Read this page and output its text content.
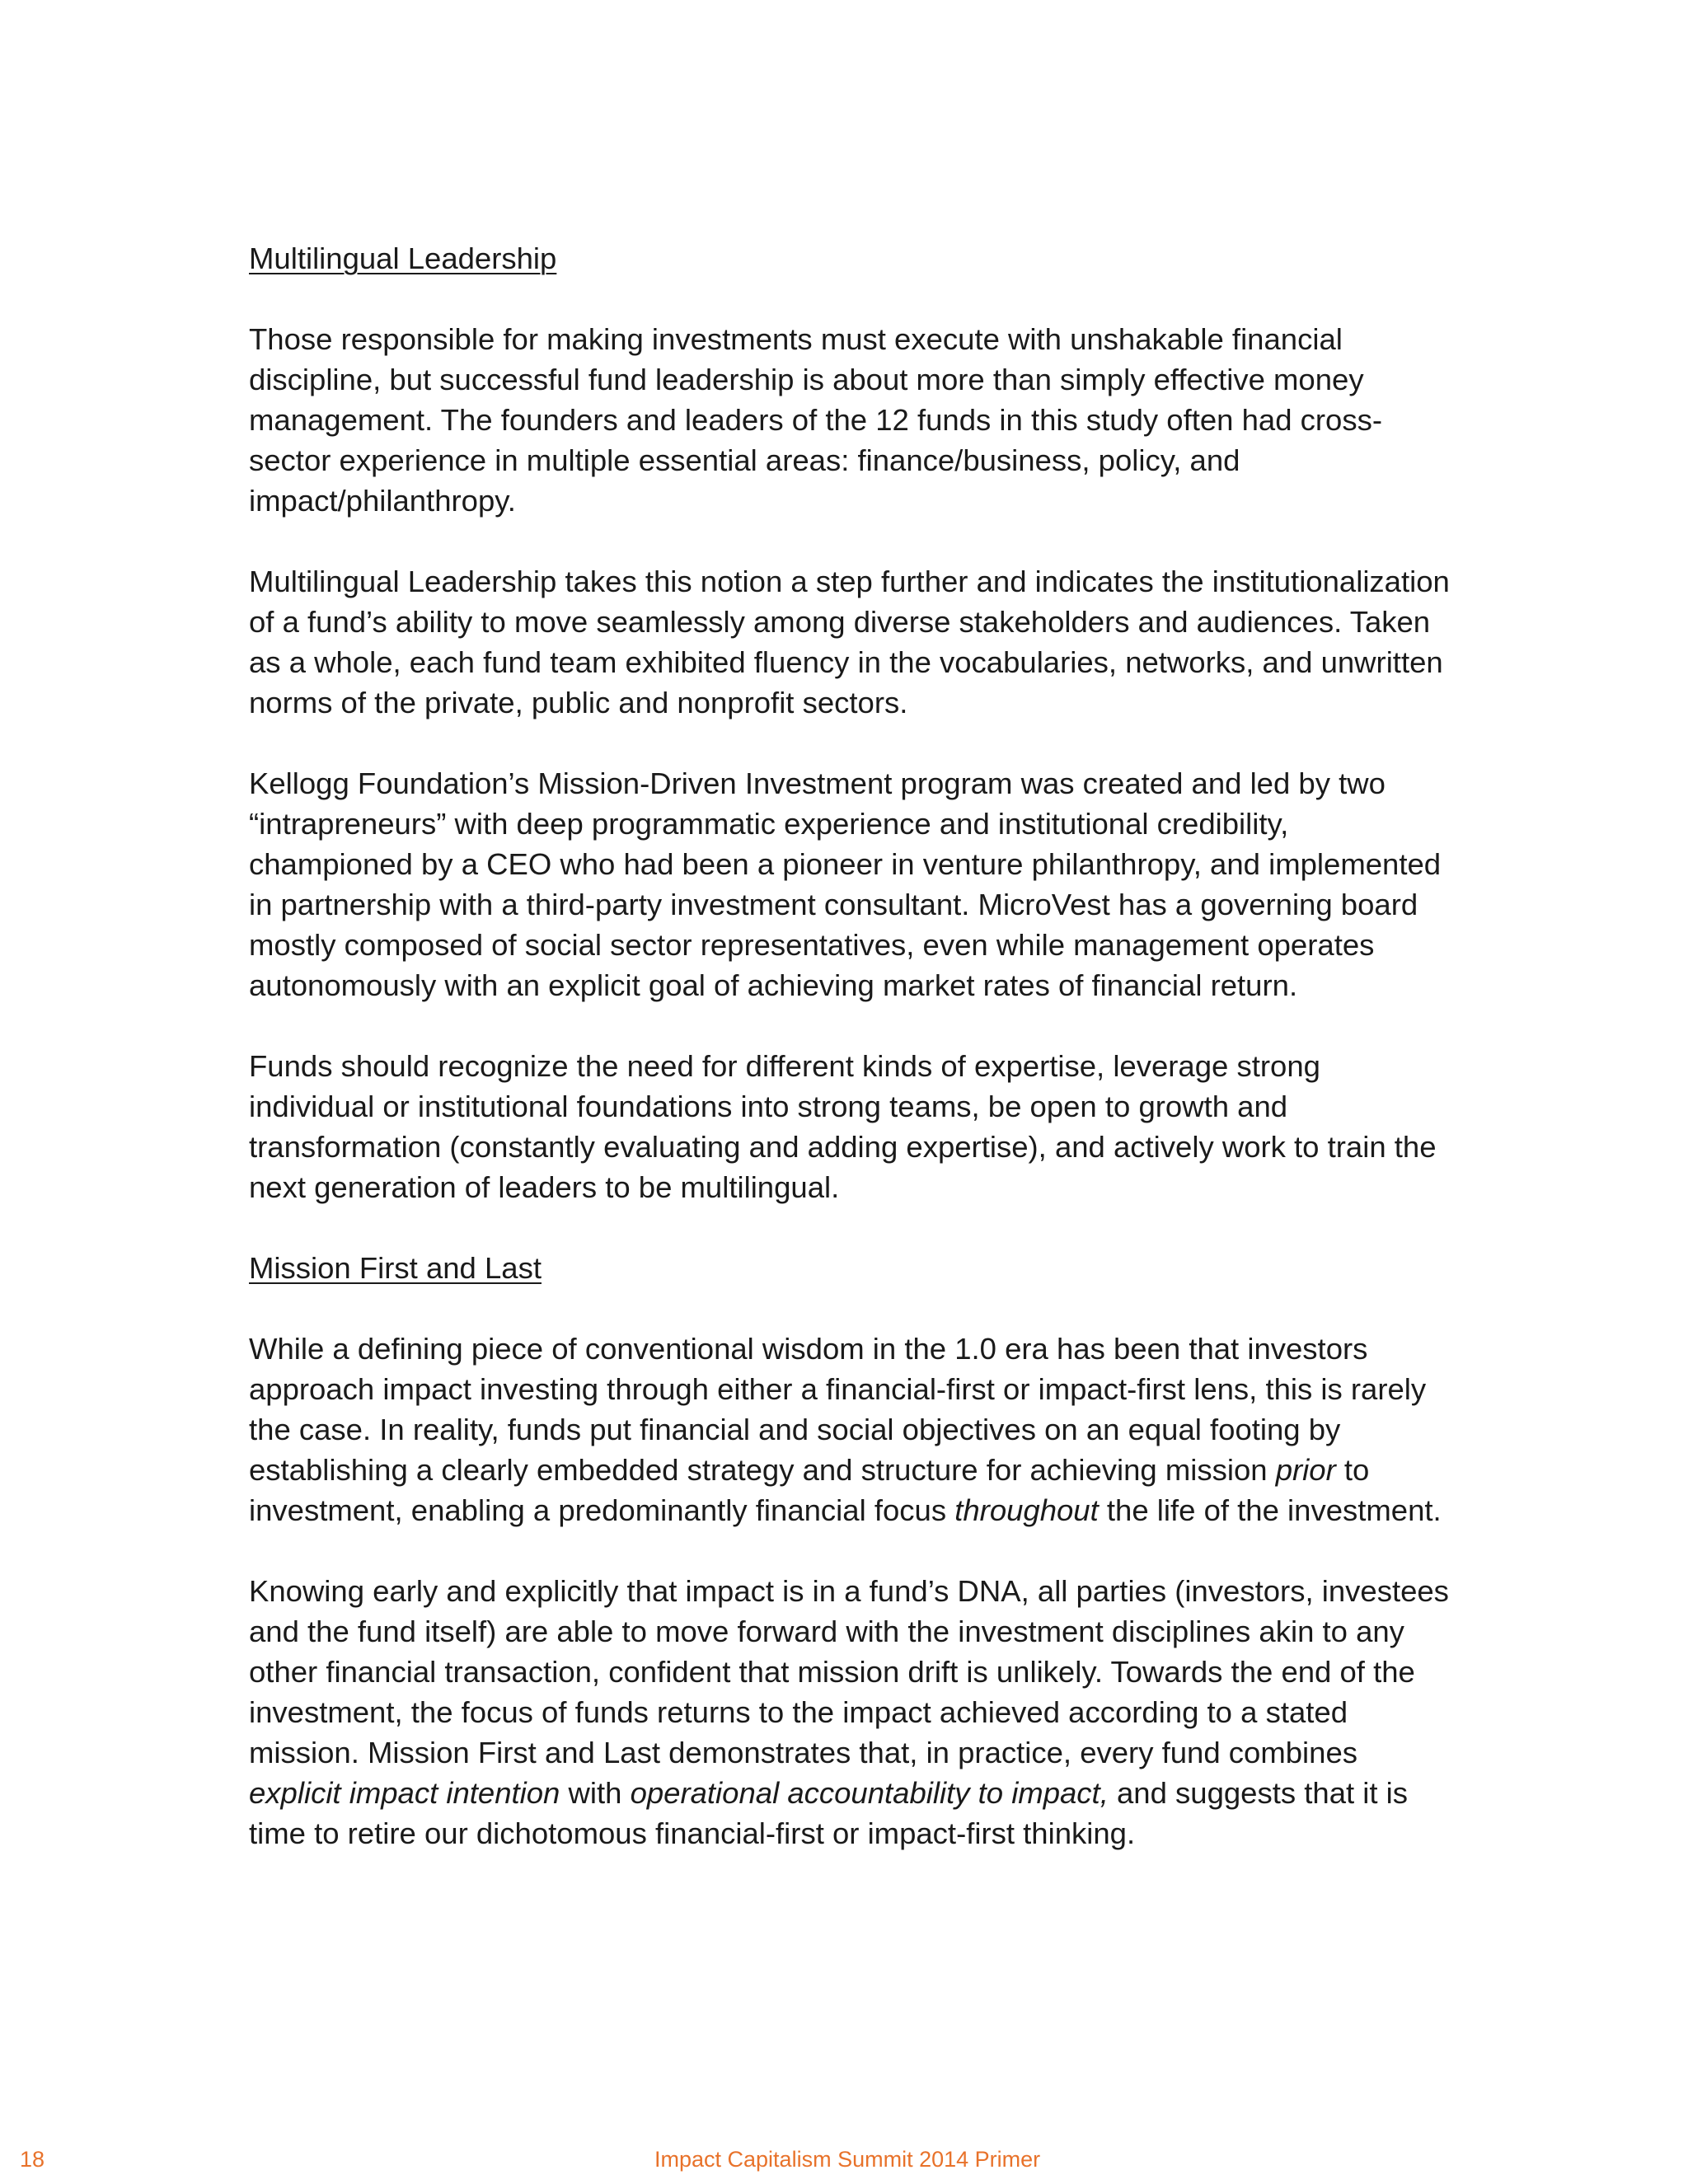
Multilingual Leadership

Those responsible for making investments must execute with unshakable financial discipline, but successful fund leadership is about more than simply effective money management. The founders and leaders of the 12 funds in this study often had cross-sector experience in multiple essential areas: finance/business, policy, and impact/philanthropy.

Multilingual Leadership takes this notion a step further and indicates the institutionalization of a fund’s ability to move seamlessly among diverse stakeholders and audiences. Taken as a whole, each fund team exhibited fluency in the vocabularies, networks, and unwritten norms of the private, public and nonprofit sectors.

Kellogg Foundation’s Mission-Driven Investment program was created and led by two “intrapreneurs” with deep programmatic experience and institutional credibility, championed by a CEO who had been a pioneer in venture philanthropy, and implemented in partnership with a third-party investment consultant. MicroVest has a governing board mostly composed of social sector representatives, even while management operates autonomously with an explicit goal of achieving market rates of financial return.

Funds should recognize the need for different kinds of expertise, leverage strong individual or institutional foundations into strong teams, be open to growth and transformation (constantly evaluating and adding expertise), and actively work to train the next generation of leaders to be multilingual.

Mission First and Last

While a defining piece of conventional wisdom in the 1.0 era has been that investors approach impact investing through either a financial-first or impact-first lens, this is rarely the case. In reality, funds put financial and social objectives on an equal footing by establishing a clearly embedded strategy and structure for achieving mission prior to investment, enabling a predominantly financial focus throughout the life of the investment.

Knowing early and explicitly that impact is in a fund’s DNA, all parties (investors, investees and the fund itself) are able to move forward with the investment disciplines akin to any other financial transaction, confident that mission drift is unlikely. Towards the end of the investment, the focus of funds returns to the impact achieved according to a stated mission. Mission First and Last demonstrates that, in practice, every fund combines explicit impact intention with operational accountability to impact, and suggests that it is time to retire our dichotomous financial-first or impact-first thinking.

18	Impact Capitalism Summit 2014 Primer
